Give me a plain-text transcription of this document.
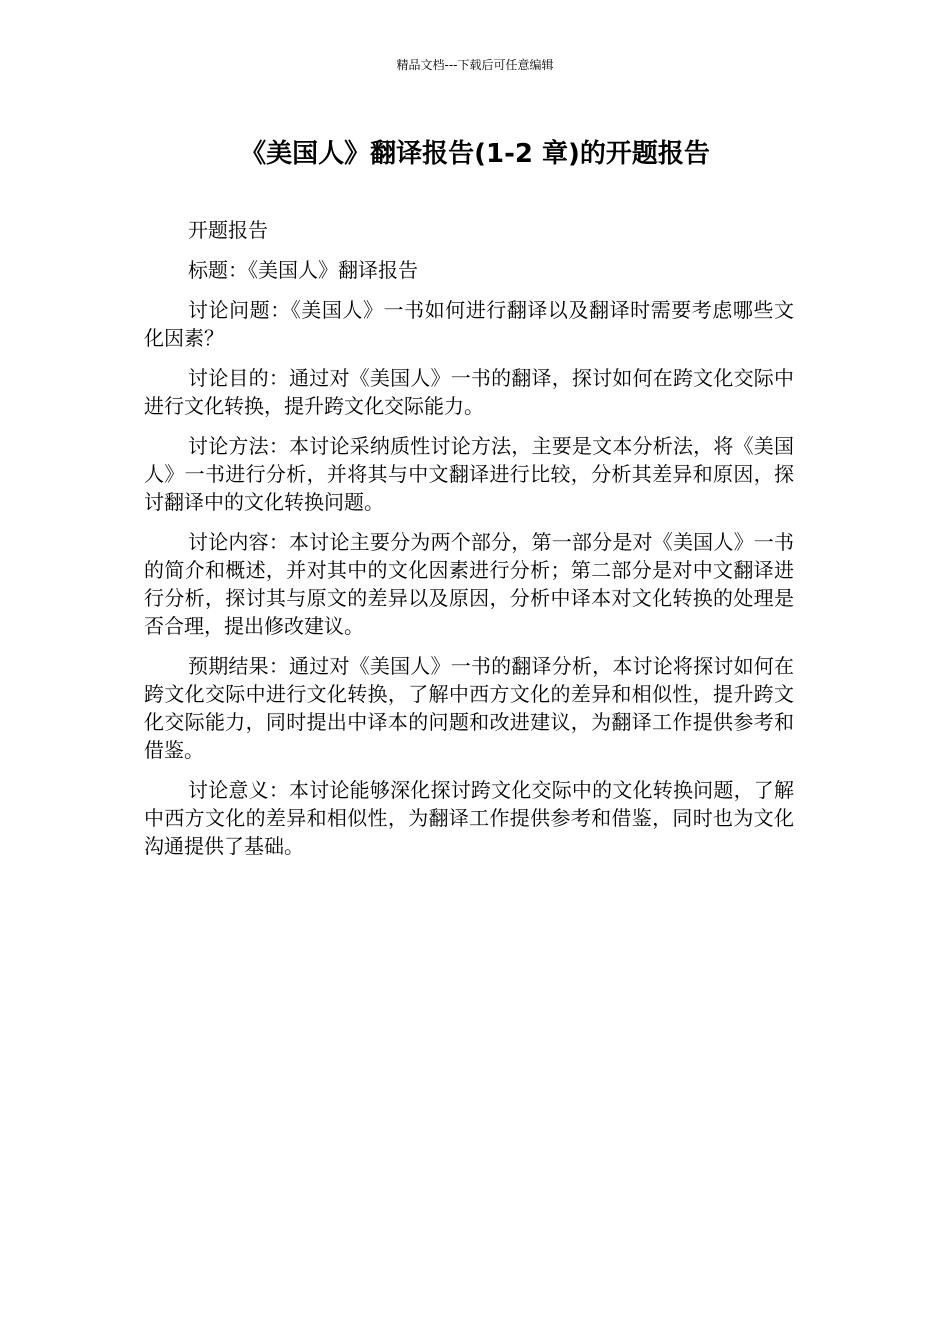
精品文档---下载后可任意编辑
《美国人》翻译报告(1-2 章)的开题报告

开题报告

标题：《美国人》翻译报告

讨论问题：《美国人》一书如何进行翻译以及翻译时需要考虑哪些文化因素？

讨论目的：通过对《美国人》一书的翻译，探讨如何在跨文化交际中进行文化转换，提升跨文化交际能力。

讨论方法：本讨论采纳质性讨论方法，主要是文本分析法，将《美国人》一书进行分析，并将其与中文翻译进行比较，分析其差异和原因，探讨翻译中的文化转换问题。

讨论内容：本讨论主要分为两个部分，第一部分是对《美国人》一书的简介和概述，并对其中的文化因素进行分析；第二部分是对中文翻译进行分析，探讨其与原文的差异以及原因，分析中译本对文化转换的处理是否合理，提出修改建议。

预期结果：通过对《美国人》一书的翻译分析，本讨论将探讨如何在跨文化交际中进行文化转换，了解中西方文化的差异和相似性，提升跨文化交际能力，同时提出中译本的问题和改进建议，为翻译工作提供参考和借鉴。

讨论意义：本讨论能够深化探讨跨文化交际中的文化转换问题，了解中西方文化的差异和相似性，为翻译工作提供参考和借鉴，同时也为文化沟通提供了基础。
